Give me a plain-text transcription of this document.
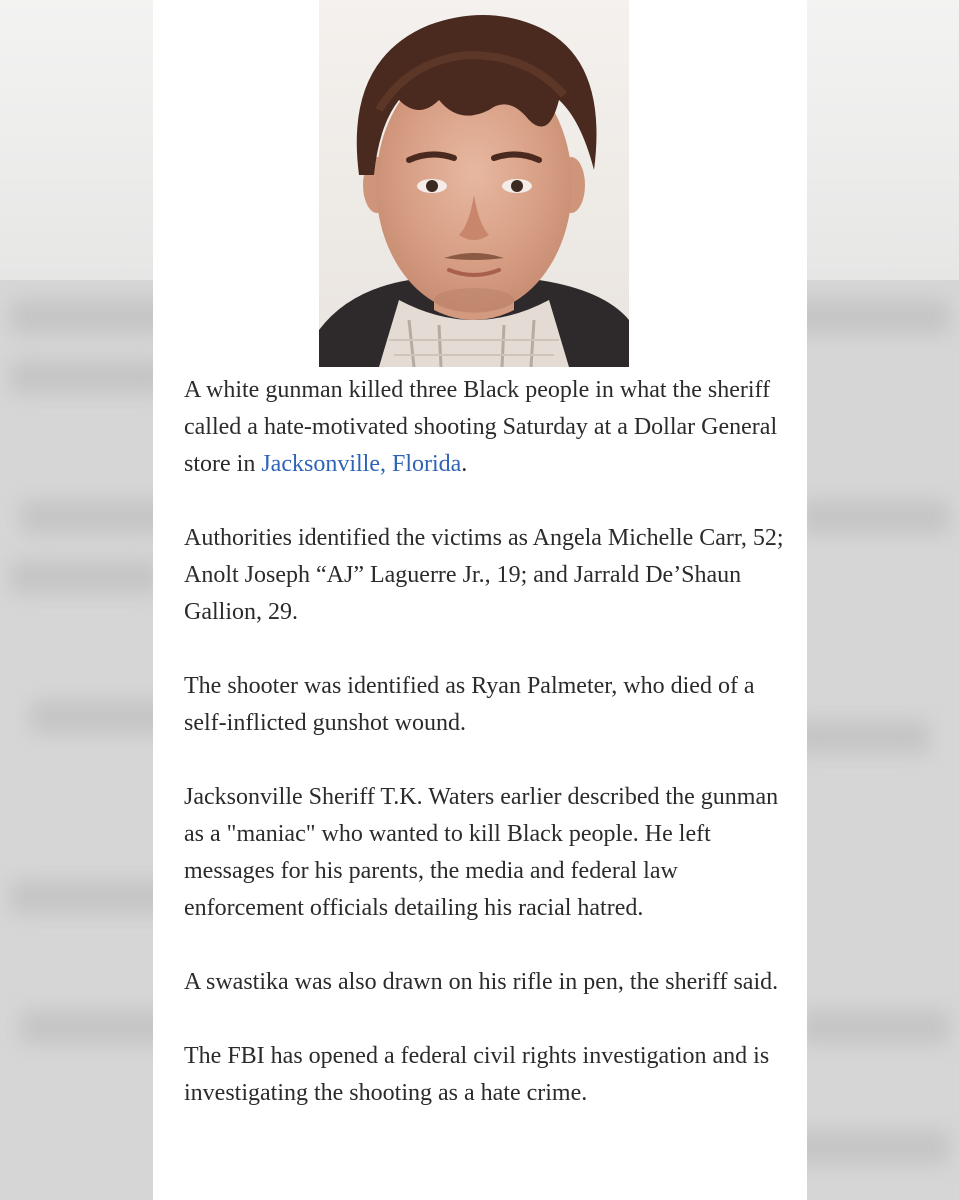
A white gunman killed three Black people in what the sheriff called a hate-motivated shooting Saturday at a Dollar General store in Jacksonville, Florida.

Authorities identified the victims as Angela Michelle Carr, 52; Anolt Joseph “AJ” Laguerre Jr., 19; and Jarrald De’Shaun Gallion, 29.

The shooter was identified as Ryan Palmeter, who died of a self-inflicted gunshot wound.

Jacksonville Sheriff T.K. Waters earlier described the gunman as a "maniac" who wanted to kill Black people. He left messages for his parents, the media and federal law enforcement officials detailing his racial hatred.

A swastika was also drawn on his rifle in pen, the sheriff said.

The FBI has opened a federal civil rights investigation and is investigating the shooting as a hate crime.
